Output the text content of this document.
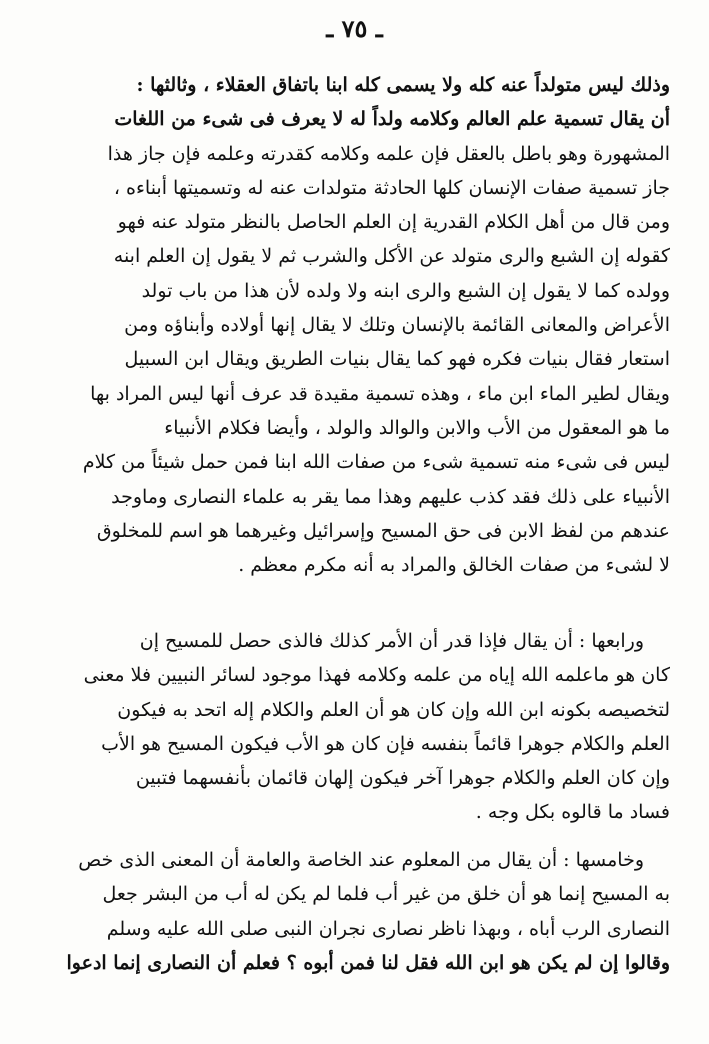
ـ ٧٥ ـ
وذلك ليس متولداً عنه كله ولا يسمى كله ابنا باتفاق العقلاء ، وثالثها :
أن يقال تسمية علم العالم وكلامه ولداً له لا يعرف فى شىء من اللغات
المشهورة وهو باطل بالعقل فإن علمه وكلامه كقدرته وعلمه فإن جاز هذا
جاز تسمية صفات الإنسان كلها الحادثة متولدات عنه له وتسميتها أبناءه ،
ومن قال من أهل الكلام القدرية إن العلم الحاصل بالنظر متولد عنه فهو
كقوله إن الشبع والرى متولد عن الأكل والشرب ثم لا يقول إن العلم ابنه
وولده كما لا يقول إن الشبع والرى ابنه ولا ولده لأن هذا من باب تولد
الأعراض والمعانى القائمة بالإنسان وتلك لا يقال إنها أولاده وأبناؤه ومن
استعار فقال بنيات فكره فهو كما يقال بنيات الطريق ويقال ابن السبيل
ويقال لطير الماء ابن ماء ، وهذه تسمية مقيدة قد عرف أنها ليس المراد بها
ما هو المعقول من الأب والابن والوالد والولد ، وأيضا فكلام الأنبياء
ليس فى شىء منه تسمية شىء من صفات الله ابنا فمن حمل شيئاً من كلام
الأنبياء على ذلك فقد كذب عليهم وهذا مما يقر به علماء النصارى وماوجد
عندهم من لفظ الابن فى حق المسيح وإسرائيل وغيرهما هو اسم للمخلوق
لا لشىء من صفات الخالق والمراد به أنه مكرم معظم .
ورابعها : أن يقال فإذا قدر أن الأمر كذلك فالذى حصل للمسيح إن
كان هو ماعلمه الله إياه من علمه وكلامه فهذا موجود لسائر النبيين فلا معنى
لتخصيصه بكونه ابن الله وإن كان هو أن العلم والكلام إله اتحد به فيكون
العلم والكلام جوهرا قائماً بنفسه فإن كان هو الأب فيكون المسيح هو الأب
وإن كان العلم والكلام جوهرا آخر فيكون إلهان قائمان بأنفسهما فتبين
فساد ما قالوه بكل وجه .
وخامسها : أن يقال من المعلوم عند الخاصة والعامة أن المعنى الذى خص
به المسيح إنما هو أن خلق من غير أب فلما لم يكن له أب من البشر جعل
النصارى الرب أباه ، وبهذا ناظر نصارى نجران النبى صلى الله عليه وسلم
وقالوا إن لم يكن هو ابن الله فقل لنا فمن أبوه ؟ فعلم أن النصارى إنما ادعوا
